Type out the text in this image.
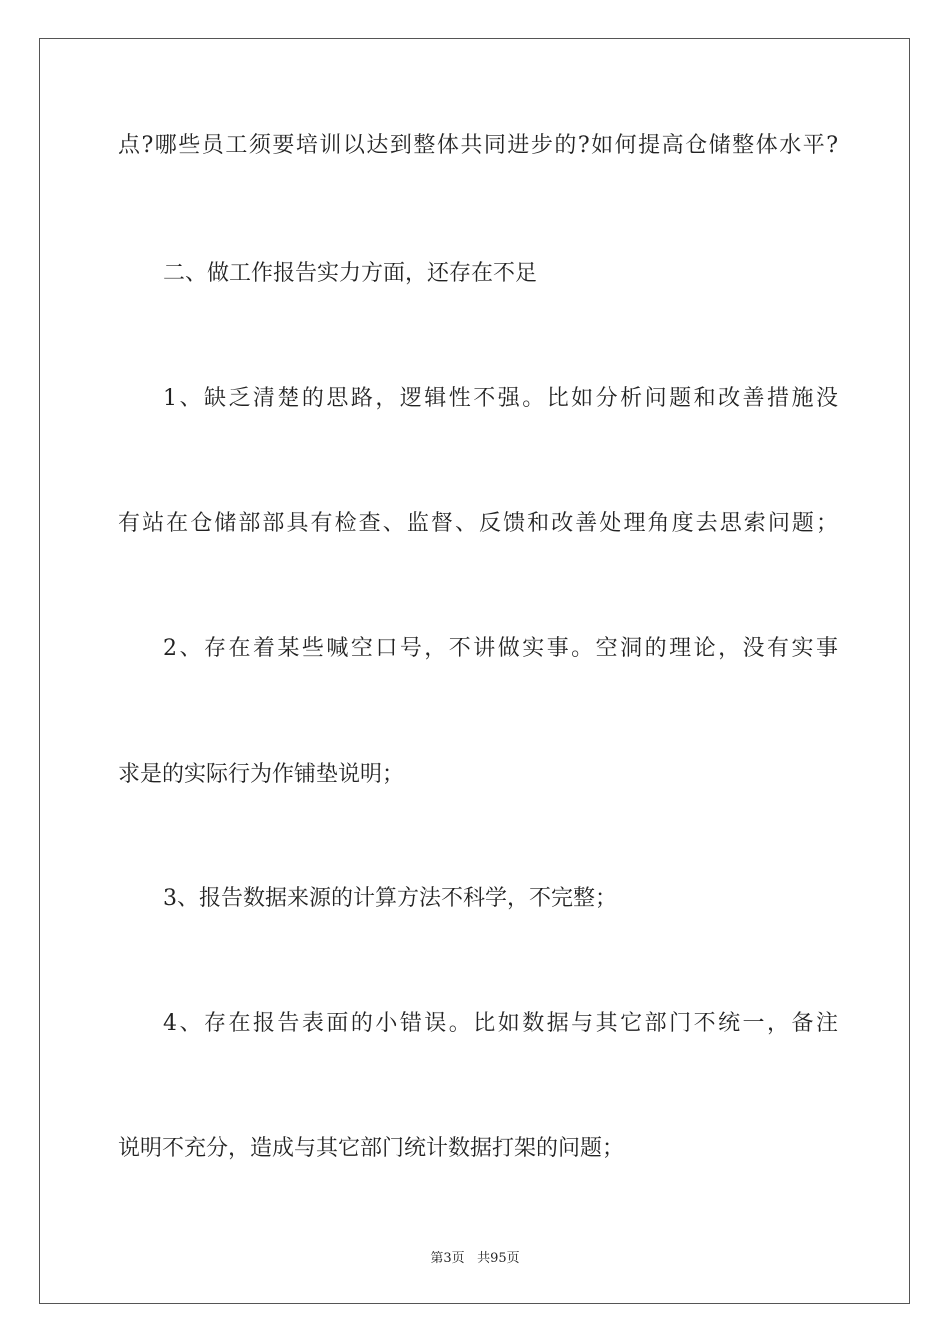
点?哪些员工须要培训以达到整体共同进步的?如何提高仓储整体水平?
二、做工作报告实力方面，还存在不足
1、缺乏清楚的思路，逻辑性不强。比如分析问题和改善措施没
有站在仓储部部具有检查、监督、反馈和改善处理角度去思索问题；
2、存在着某些喊空口号，不讲做实事。空洞的理论，没有实事
求是的实际行为作铺垫说明；
3、报告数据来源的计算方法不科学，不完整；
4、存在报告表面的小错误。比如数据与其它部门不统一，备注
说明不充分，造成与其它部门统计数据打架的问题；
第3页 共95页
